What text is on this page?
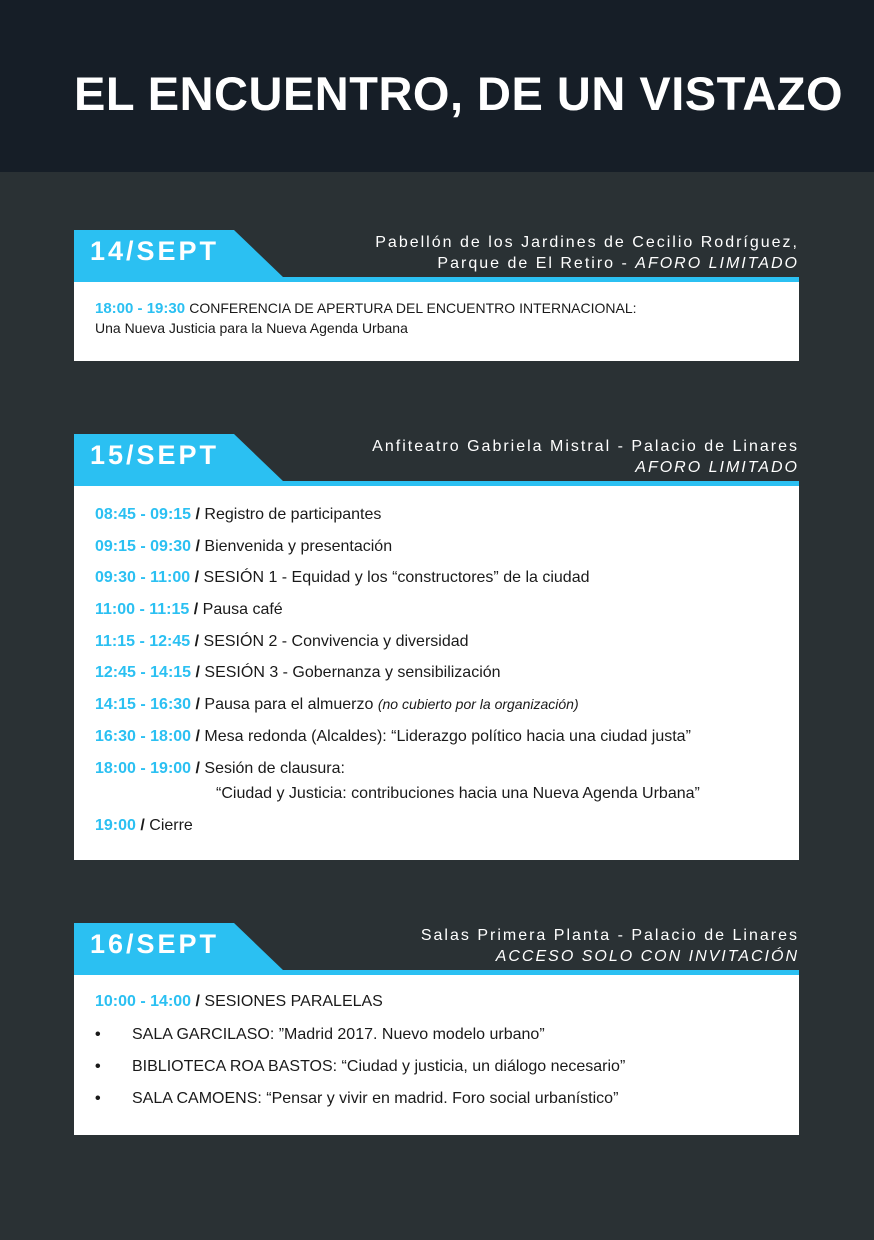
EL ENCUENTRO, DE UN VISTAZO
14/SEPT	Pabellón de los Jardines de Cecilio Rodríguez,
Parque de El Retiro - AFORO LIMITADO
18:00 - 19:30 CONFERENCIA DE APERTURA DEL ENCUENTRO INTERNACIONAL:
Una Nueva Justicia para la Nueva Agenda Urbana
15/SEPT	Anfiteatro Gabriela Mistral - Palacio de Linares
AFORO LIMITADO
08:45 - 09:15 / Registro de participantes
09:15 - 09:30 / Bienvenida y presentación
09:30 - 11:00 / SESIÓN 1 - Equidad y los “constructores” de la ciudad
11:00 - 11:15 / Pausa café
11:15 - 12:45 / SESIÓN 2 - Convivencia y diversidad
12:45 - 14:15 / SESIÓN 3 - Gobernanza y sensibilización
14:15 - 16:30 / Pausa para el almuerzo (no cubierto por la organización)
16:30 - 18:00 / Mesa redonda (Alcaldes): “Liderazgo político hacia una ciudad justa”
18:00 - 19:00 / Sesión de clausura:
“Ciudad y Justicia: contribuciones hacia una Nueva Agenda Urbana”
19:00 / Cierre
16/SEPT	Salas Primera Planta - Palacio de Linares
ACCESO SOLO CON INVITACIÓN
10:00 - 14:00 / SESIONES PARALELAS
• SALA GARCILASO: ”Madrid 2017. Nuevo modelo urbano”
• BIBLIOTECA ROA BASTOS: “Ciudad y justicia, un diálogo necesario”
• SALA CAMOENS: “Pensar y vivir en madrid. Foro social urbanístico”
